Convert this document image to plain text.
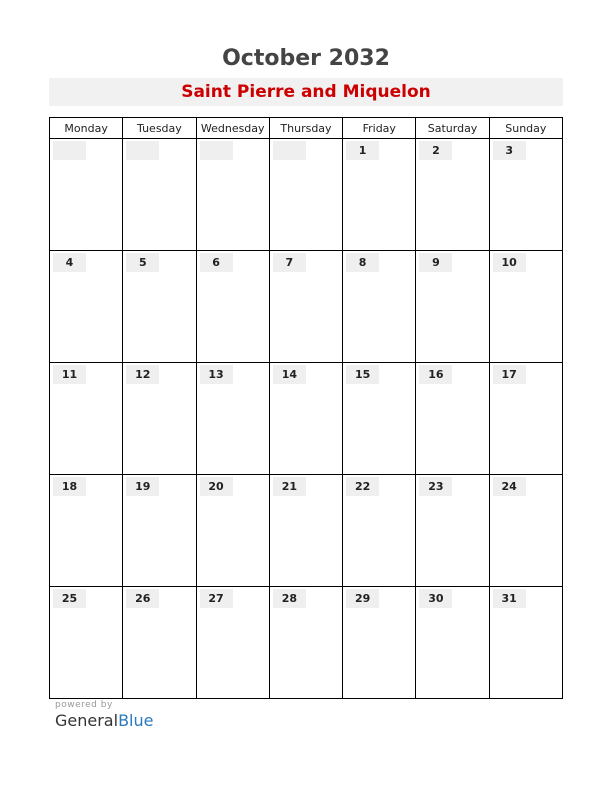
October 2032
Saint Pierre and Miquelon
Monday	Tuesday	Wednesday	Thursday	Friday	Saturday	Sunday
				1	2	3
4	5	6	7	8	9	10
11	12	13	14	15	16	17
18	19	20	21	22	23	24
25	26	27	28	29	30	31
powered by
GeneralBlue
